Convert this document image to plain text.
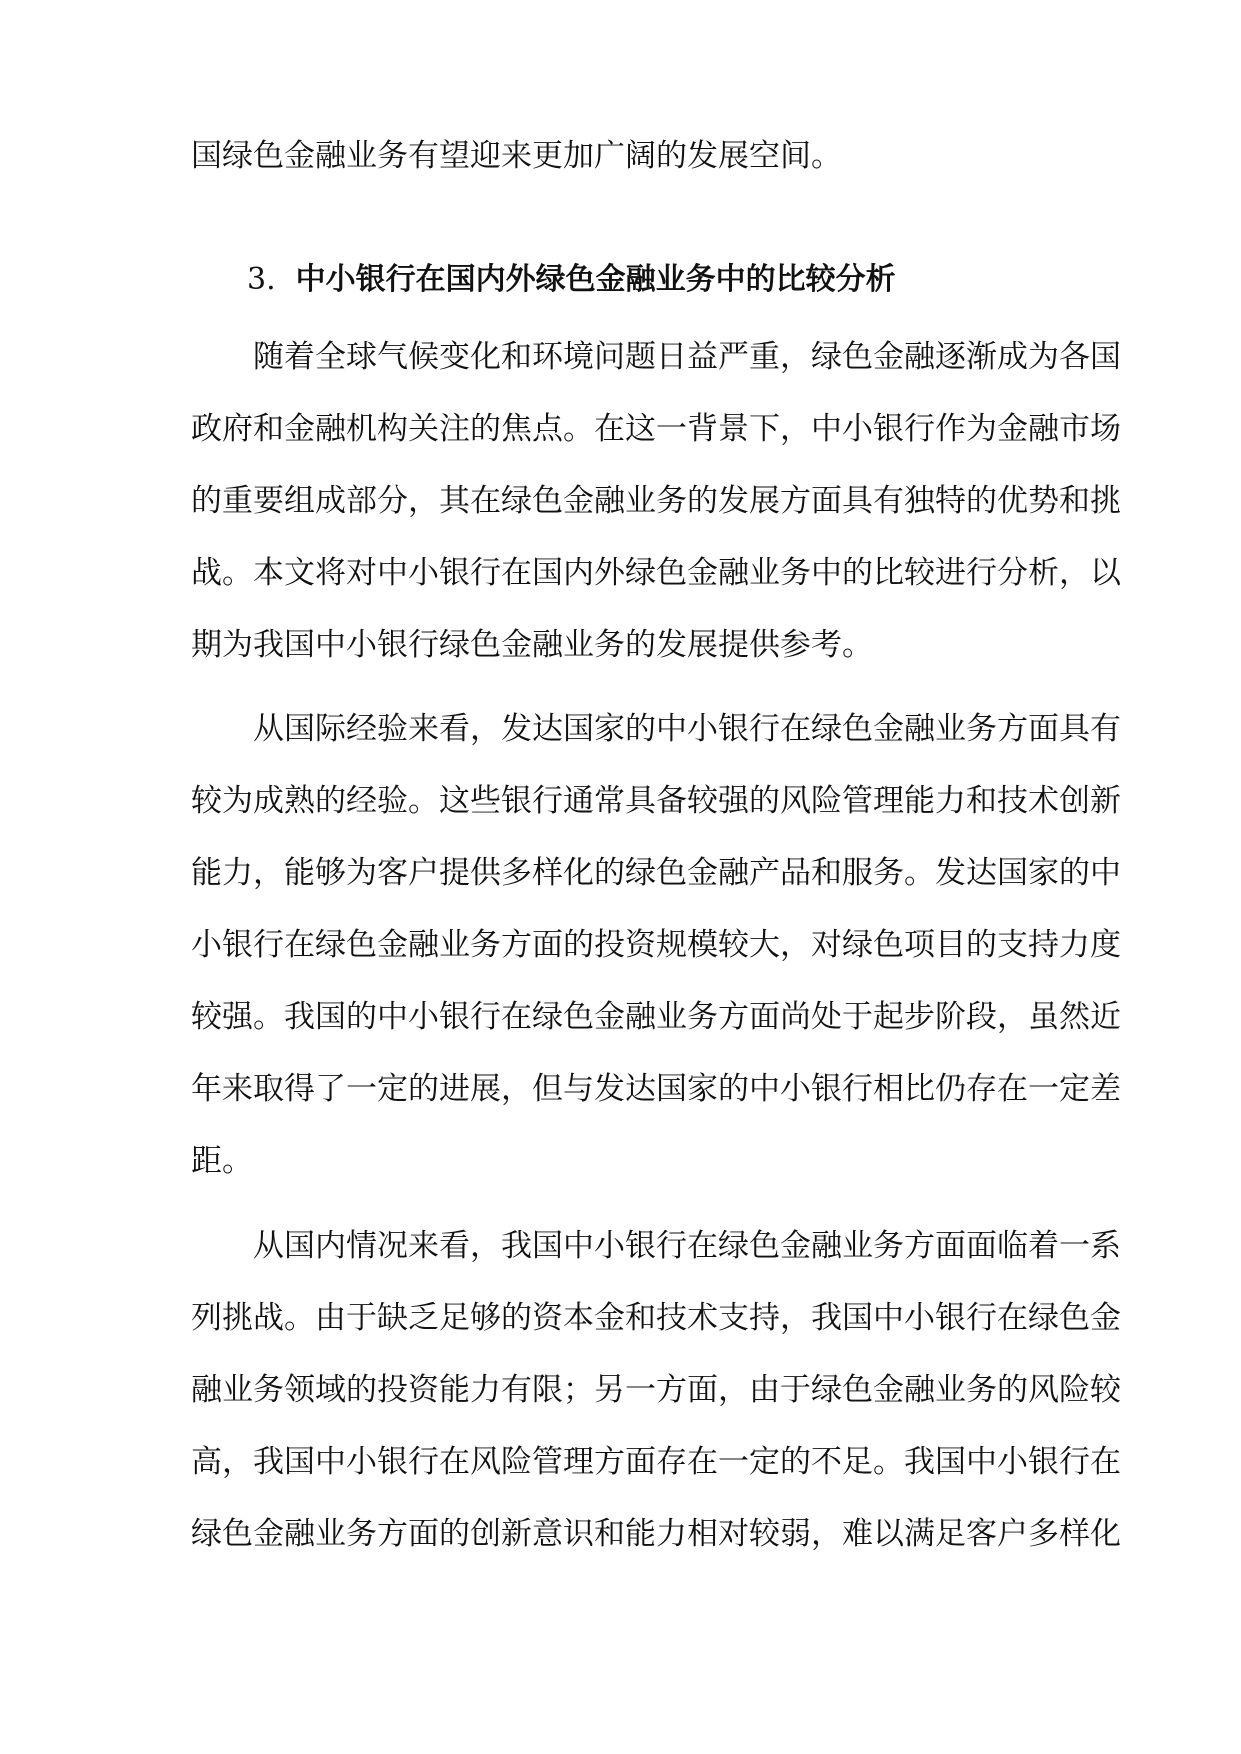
国绿色金融业务有望迎来更加广阔的发展空间。
3. 中小银行在国内外绿色金融业务中的比较分析
随着全球气候变化和环境问题日益严重，绿色金融逐渐成为各国
政府和金融机构关注的焦点。在这一背景下，中小银行作为金融市场
的重要组成部分，其在绿色金融业务的发展方面具有独特的优势和挑
战。本文将对中小银行在国内外绿色金融业务中的比较进行分析，以
期为我国中小银行绿色金融业务的发展提供参考。
从国际经验来看，发达国家的中小银行在绿色金融业务方面具有
较为成熟的经验。这些银行通常具备较强的风险管理能力和技术创新
能力，能够为客户提供多样化的绿色金融产品和服务。发达国家的中
小银行在绿色金融业务方面的投资规模较大，对绿色项目的支持力度
较强。我国的中小银行在绿色金融业务方面尚处于起步阶段，虽然近
年来取得了一定的进展，但与发达国家的中小银行相比仍存在一定差
距。
从国内情况来看，我国中小银行在绿色金融业务方面面临着一系
列挑战。由于缺乏足够的资本金和技术支持，我国中小银行在绿色金
融业务领域的投资能力有限；另一方面，由于绿色金融业务的风险较
高，我国中小银行在风险管理方面存在一定的不足。我国中小银行在
绿色金融业务方面的创新意识和能力相对较弱，难以满足客户多样化
